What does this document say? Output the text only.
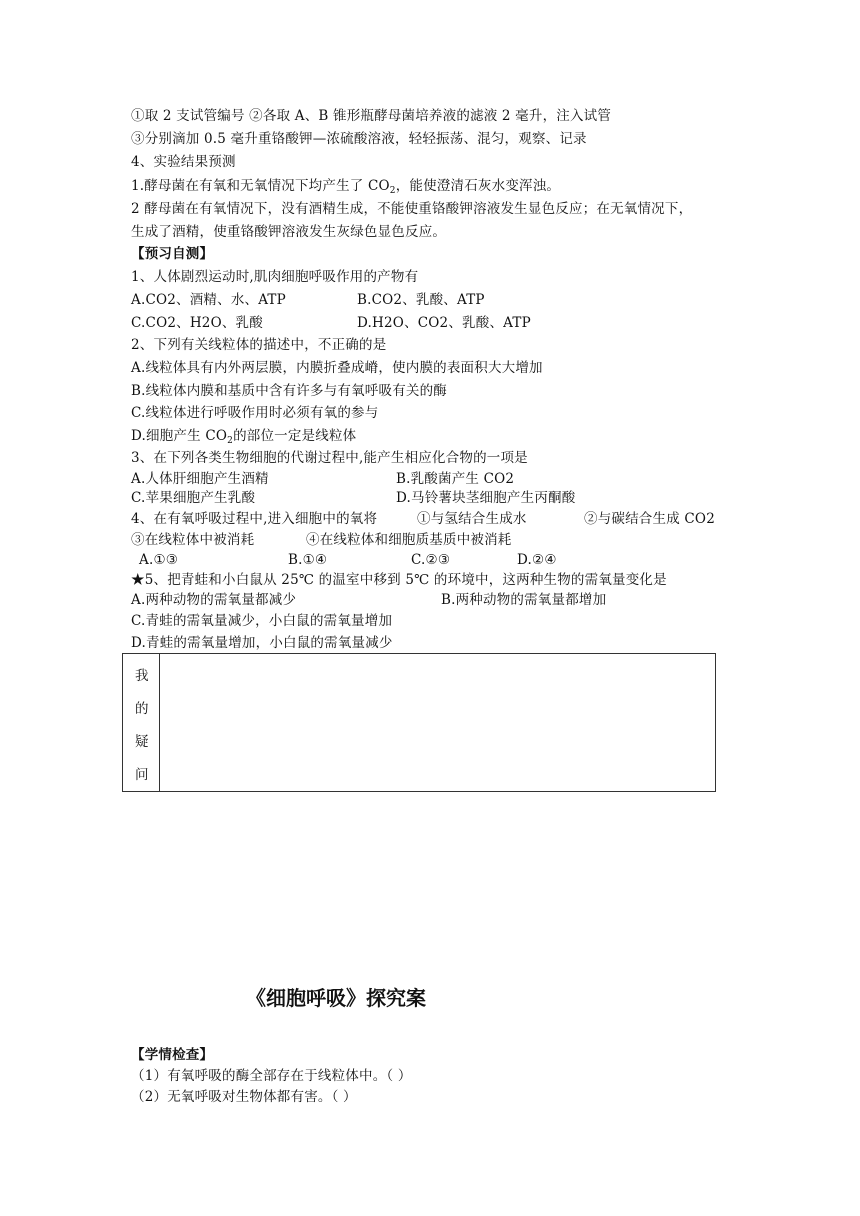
①取 2 支试管编号 ②各取 A、B 锥形瓶酵母菌培养液的滤液 2 毫升，注入试管
③分别滴加 0.5 毫升重铬酸钾—浓硫酸溶液，轻轻振荡、混匀，观察、记录
4、实验结果预测
1.酵母菌在有氧和无氧情况下均产生了 $CO_2$，能使澄清石灰水变浑浊。
2 酵母菌在有氧情况下，没有酒精生成，不能使重铬酸钾溶液发生显色反应；在无氧情况下，
生成了酒精，使重铬酸钾溶液发生灰绿色显色反应。
【预习自测】
1、人体剧烈运动时,肌肉细胞呼吸作用的产物有
A.CO2、酒精、水、ATP	B.CO2、乳酸、ATP
C.CO2、H2O、乳酸	D.H2O、CO2、乳酸、ATP
2、下列有关线粒体的描述中，不正确的是
A.线粒体具有内外两层膜，内膜折叠成嵴，使内膜的表面积大大增加
B.线粒体内膜和基质中含有许多与有氧呼吸有关的酶
C.线粒体进行呼吸作用时必须有氧的参与
D.细胞产生 $CO_2$的部位一定是线粒体
3、在下列各类生物细胞的代谢过程中,能产生相应化合物的一项是
A.人体肝细胞产生酒精	B.乳酸菌产生 CO2
C.苹果细胞产生乳酸	D.马铃薯块茎细胞产生丙酮酸
4、在有氧呼吸过程中,进入细胞中的氧将	①与氢结合生成水	②与碳结合生成 CO2
③在线粒体中被消耗	④在线粒体和细胞质基质中被消耗
A.①③	B.①④	C.②③	D.②④
★5、把青蛙和小白鼠从 25℃ 的温室中移到 5℃ 的环境中，这两种生物的需氧量变化是
A.两种动物的需氧量都减少	B.两种动物的需氧量都增加
C.青蛙的需氧量减少，小白鼠的需氧量增加
D.青蛙的需氧量增加，小白鼠的需氧量减少
我
的
疑
问
《细胞呼吸》探究案
【学情检查】
（1）有氧呼吸的酶全部存在于线粒体中。（ ）
（2）无氧呼吸对生物体都有害。（ ）
